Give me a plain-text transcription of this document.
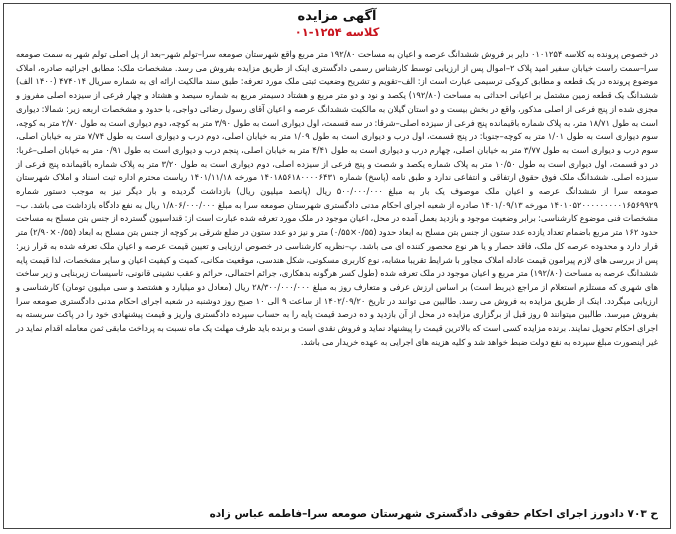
آگهی مزایده
کلاسه ۱۲۵۴-۰۱
در خصوص پرونده به کلاسه ۰۱۰۱۲۵۴ دایر بر فروش ششدانگ عرصه و اعیان به مساحت ۱۹۲/۸۰ متر مربع واقع شهرستان صومعه سرا–تولم شهر–بعد از پل اصلی تولم شهر به سمت صومعه سرا–سمت راست خیابان سفیر امید پلاک ۲–اموال پس از ارزیابی توسط کارشناس رسمی دادگستری اینک از طریق مزایده بفروش می رسد. مشخصات ملک: مطابق اجرائیه صادره، املاک موضوع پرونده در یک قطعه و مطابق کروکی ترسیمی عبارت است از: الف–تقویم و تشریح وضعیت ثبتی ملک مورد تعرفه: طبق سند مالکیت ارائه ای به شماره سریال ۴۷۴۰۱۴ (۱۴۰۰ الف) ششدانگ یک قطعه زمین مشتمل بر اعیانی احداثی به مساحت (۱۹۲/۸۰) یکصد و نود و دو متر مربع و هشتاد دسیمتر مربع به شماره سیصد و هشتاد و چهار فرعی از سیزده اصلی مفروز و مجزی شده از پنج فرعی از اصلی مذکور، واقع در بخش بیست و دو استان گیلان به مالکیت ششدانگ عرصه و اعیان آقای رسول رضائی دواجی، با حدود و مشخصات اربعه زیر: شمالا: دیواری است به طول ۱۸/۷۱ متر، به پلاک شماره باقیمانده پنج فرعی از سیزده اصلی–شرقا: در سه قسمت، اول دیواری است به طول ۳/۹۰ متر به کوچه، دوم دیواری است به طول ۲/۷۰ متر به کوچه، سوم دیواری است به طول ۱/۰۱ متر به کوچه–جنوبا: در پنج قسمت، اول درب و دیواری است به طول ۱/۰۹ متر به خیابان اصلی، دوم درب و دیواری است به طول ۷/۷۴ متر به خیابان اصلی، سوم درب و دیواری است به طول ۳/۷۷ متر به خیابان اصلی، چهارم درب و دیواری است به طول ۴/۴۱ متر به خیابان اصلی، پنجم درب و دیواری است به طول ۰/۹۱ متر به خیابان اصلی–غربا: در دو قسمت، اول دیواری است به طول ۱۰/۵۰ متر به پلاک شماره یکصد و شصت و پنج فرعی از سیزده اصلی، دوم دیواری است به طول ۳/۲۰ متر به پلاک شماره باقیمانده پنج فرعی از سیزده اصلی. ششدانگ ملک فوق حقوق ارتفاقی و انتفاعی ندارد و طبق نامه (پاسخ) شماره ۱۴۰۱۸۵۶۱۸۰۰۰۰۶۴۳۱ مورخه ۱۴۰۱/۱۱/۱۸ ریاست محترم اداره ثبت اسناد و املاک شهرستان صومعه سرا از ششدانگ عرصه و اعیان ملک موصوف یک بار به مبلغ ۵۰۰/۰۰۰/۰۰۰ ریال (پانصد میلیون ریال) بازداشت گردیده و بار دیگر نیز به موجب دستور شماره ۱۴۰۱۰۵۲۰۰۰۰۰۰۰۰۰۱۶۵۶۹۹۲۹ مورخه ۱۴۰۱/۰۹/۱۳ صادره از شعبه اجرای احکام مدنی دادگستری شهرستان صومعه سرا به مبلغ ۱/۸۰۶/۰۰۰/۰۰۰ ریال به نفع دادگاه بازداشت می باشد. ب–مشخصات فنی موضوع کارشناسی: برابر وضعیت موجود و بازدید بعمل آمده در محل، اعیان موجود در ملک مورد تعرفه شده عبارت است از: قنداسیون گسترده از جنس بتن مسلح به مساحت حدود ۱۶۲ متر مربع باضمام تعداد یازده عدد ستون از جنس بتن مسلح به ابعاد حدود (۰/۵۵×۰/۵۵) متر و نیز دو عدد ستون در ضلع شرقی بر کوچه از جنس بتن مسلح به ابعاد (۰/۵۵×۲/۹۰) متر قرار دارد و محدوده عرصه کل ملک، فاقد حصار و یا هر نوع محصور کننده ای می باشد. پ–نظریه کارشناسی در خصوص ارزیابی و تعیین قیمت عرصه و اعیان ملک تعرفه شده به قرار زیر: پس از بررسی های لازم پیرامون قیمت عادله املاک مجاور با شرایط تقریبا مشابه، نوع کاربری مسکونی، شکل هندسی، موقعیت مکانی، کمیت و کیفیت اعیان و سایر مشخصات، لذا قیمت پایه ششدانگ عرصه به مساحت (۱۹۲/۸۰) متر مربع و اعیان موجود در ملک تعرفه شده (طول کسر هرگونه بدهکاری، جرائم احتمالی، حرائم و عقب نشینی قانونی، تاسیسات زیربنایی و زیر ساخت های شهری که مستلزم استعلام از مراجع ذیربط است) بر اساس ارزش عرفی و متعارف روز به مبلغ ۲۸/۳۰۰/۰۰۰/۰۰۰ ریال (معادل دو میلیارد و هشتصد و سی میلیون تومان) کارشناسی و ارزیابی میگردد. اینک از طریق مزایده به فروش می رسد. طالبین می توانند در تاریخ ۱۴۰۲/۰۹/۲۰ از ساعت ۹ الی ۱۰ صبح روز دوشنبه در شعبه اجرای احکام مدنی دادگستری صومعه سرا بفروش میرسد. طالبین میتوانند ۵ روز قبل از برگزاری مزایده در محل از آن بازدید و ده درصد قیمت پایه را به حساب سپرده دادگستری واریز و قیمت پیشنهادی خود را در پاکت سربسته به اجرای احکام تحویل نمایند. برنده مزایده کسی است که بالاترین قیمت را پیشنهاد نماید و فروش نقدی است و برنده باید ظرف مهلت یک ماه نسبت به پرداخت مابقی ثمن معامله اقدام نماید در غیر اینصورت مبلغ سپرده به نفع دولت ضبط خواهد شد و کلیه هزینه های اجرایی به عهده خریدار می باشد.
ح ۷۰۳ دادورز اجرای احکام حقوقی دادگستری شهرستان صومعه سرا–فاطمه عباس زاده
